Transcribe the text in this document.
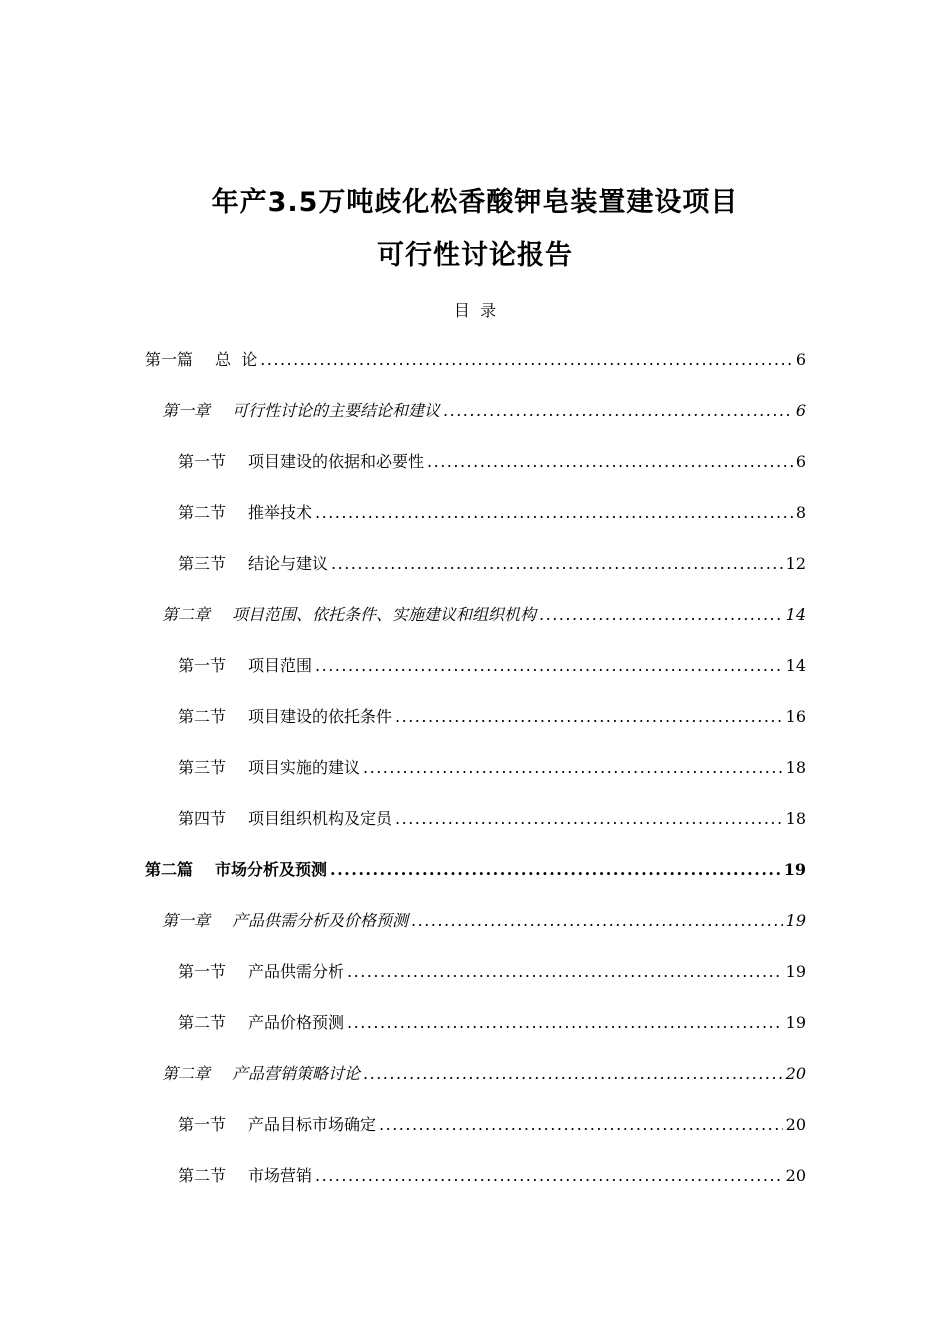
年产3.5万吨歧化松香酸钾皂装置建设项目
可行性讨论报告
目  录
第一篇 总  论 .....	6
第一章 可行性讨论的主要结论和建议 .....	6
第一节 项目建设的依据和必要性 .....	6
第二节 推举技术 .....	8
第三节 结论与建议 .....	12
第二章 项目范围、依托条件、实施建议和组织机构 .....	14
第一节 项目范围 .....	14
第二节 项目建设的依托条件 .....	16
第三节 项目实施的建议 .....	18
第四节 项目组织机构及定员 .....	18
第二篇 市场分析及预测 .....	19
第一章 产品供需分析及价格预测 .....	19
第一节 产品供需分析 .....	19
第二节 产品价格预测 .....	19
第二章 产品营销策略讨论 .....	20
第一节 产品目标市场确定 .....	20
第二节 市场营销 .....	20
